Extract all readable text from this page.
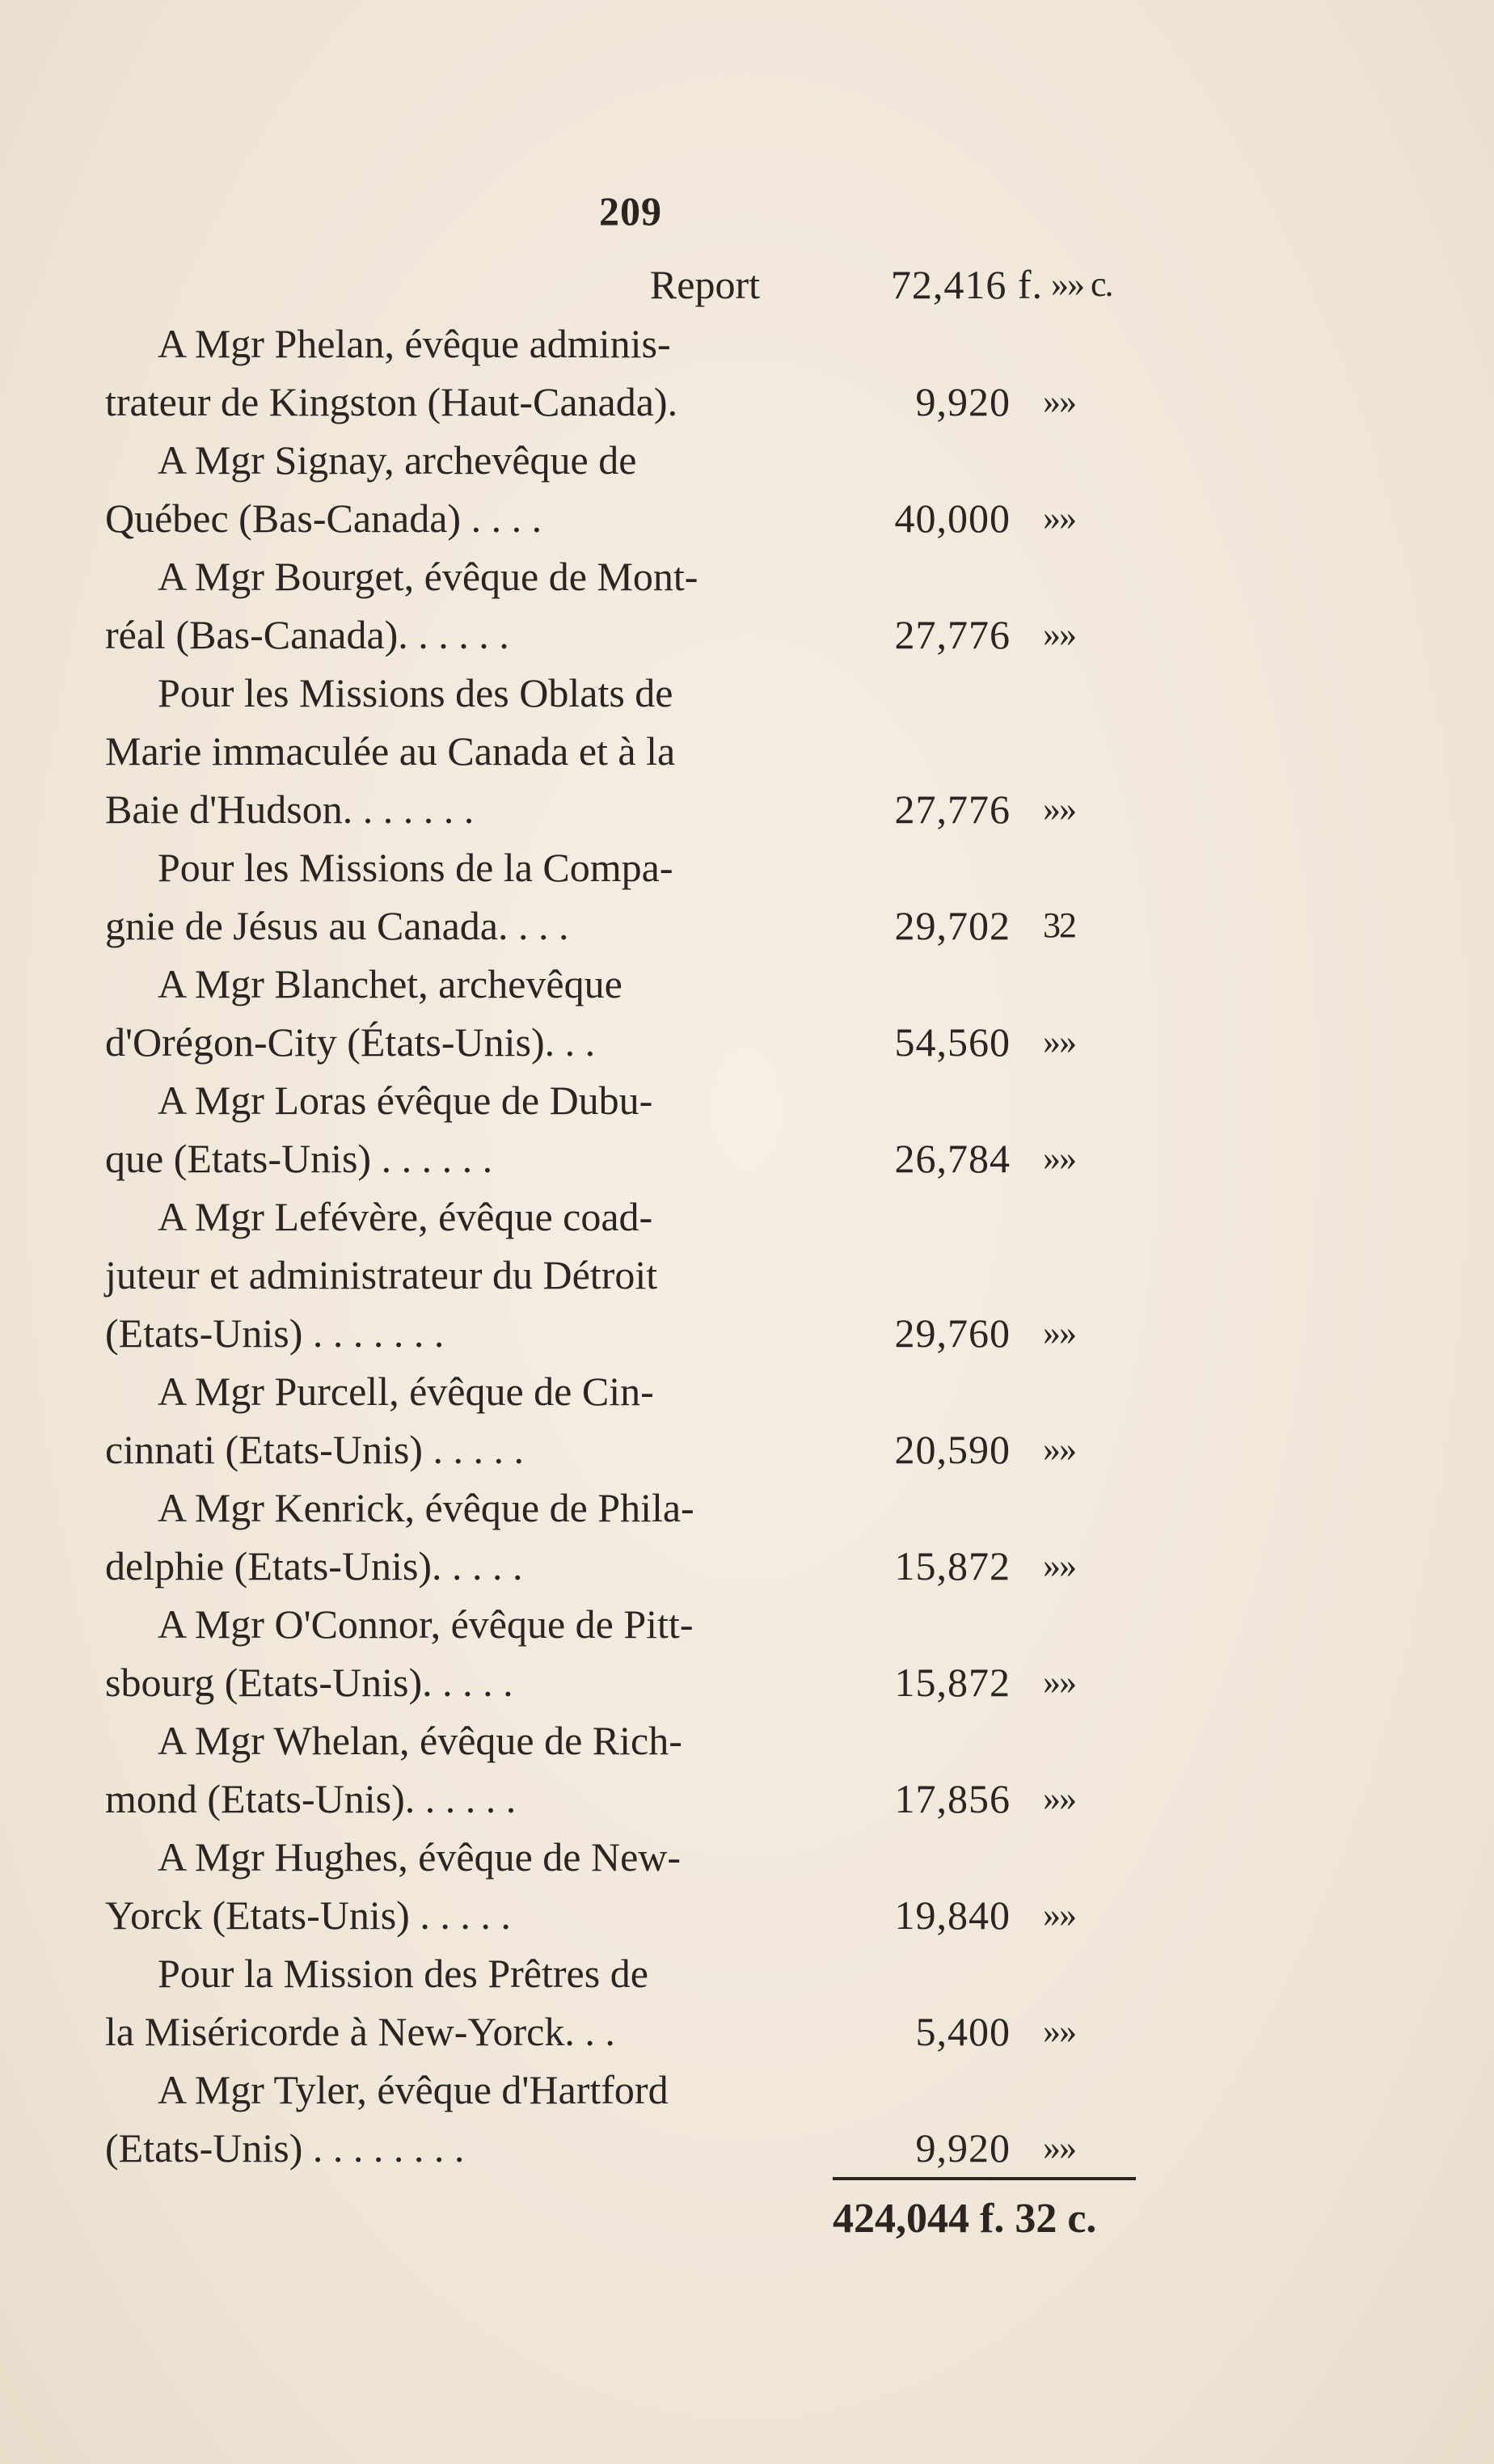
209
Report	72,416 f. »» c.
A Mgr Phelan, évêque adminis-
trateur de Kingston (Haut-Canada).	9,920 »»
A Mgr Signay, archevêque de
Québec (Bas-Canada) . . . .	40,000 »»
A Mgr Bourget, évêque de Mont-
réal (Bas-Canada). . . . . .	27,776 »»
Pour les Missions des Oblats de
Marie immaculée au Canada et à la
Baie d'Hudson. . . . . . .	27,776 »»
Pour les Missions de la Compa-
gnie de Jésus au Canada. . . .	29,702 32
A Mgr Blanchet, archevêque
d'Orégon-City (États-Unis). . .	54,560 »»
A Mgr Loras évêque de Dubu-
que (Etats-Unis) . . . . . .	26,784 »»
A Mgr Lefévère, évêque coad-
juteur et administrateur du Détroit
(Etats-Unis) . . . . . . .	29,760 »»
A Mgr Purcell, évêque de Cin-
cinnati (Etats-Unis) . . . . .	20,590 »»
A Mgr Kenrick, évêque de Phila-
delphie (Etats-Unis). . . . .	15,872 »»
A Mgr O'Connor, évêque de Pitt-
sbourg (Etats-Unis). . . . .	15,872 »»
A Mgr Whelan, évêque de Rich-
mond (Etats-Unis). . . . . .	17,856 »»
A Mgr Hughes, évêque de New-
Yorck (Etats-Unis) . . . . .	19,840 »»
Pour la Mission des Prêtres de
la Miséricorde à New-Yorck. . .	5,400 »»
A Mgr Tyler, évêque d'Hartford
(Etats-Unis) . . . . . . . .	9,920 »»
424,044 f. 32 c.
